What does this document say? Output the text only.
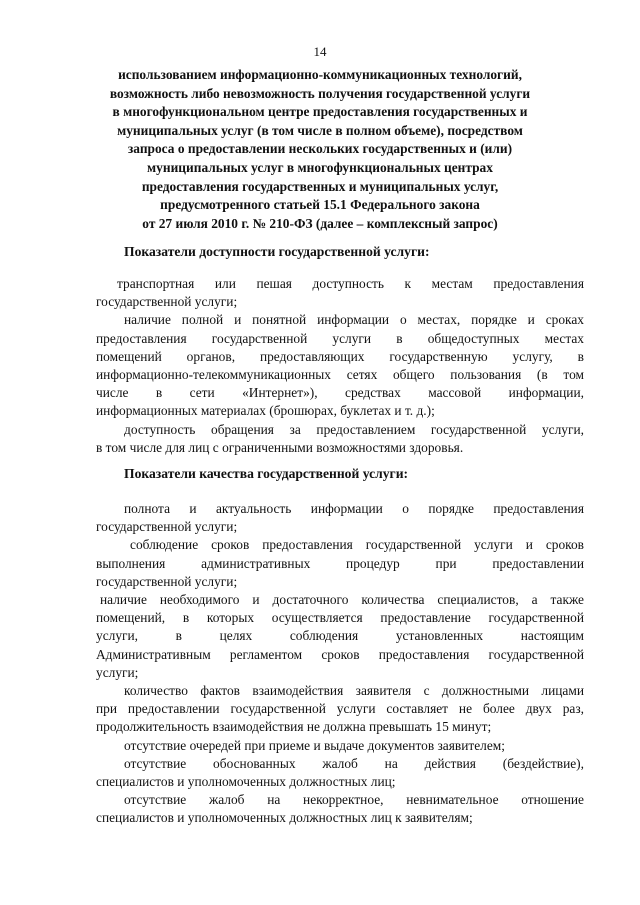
14
использованием информационно-коммуникационных технологий,
возможность либо невозможность получения государственной услуги
в многофункциональном центре предоставления государственных и
муниципальных услуг (в том числе в полном объеме), посредством
запроса о предоставлении нескольких государственных и (или)
муниципальных услуг в многофункциональных центрах
предоставления государственных и муниципальных услуг,
предусмотренного статьей 15.1 Федерального закона
от 27 июля 2010 г. № 210-ФЗ (далее – комплексный запрос)
Показатели доступности государственной услуги:
транспортная или пешая доступность к местам предоставления
государственной услуги;
наличие полной и понятной информации о местах, порядке и сроках
предоставления государственной услуги в общедоступных местах
помещений органов, предоставляющих государственную услугу, в
информационно-телекоммуникационных сетях общего пользования (в том
числе в сети «Интернет»), средствах массовой информации,
информационных материалах (брошюрах, буклетах и т. д.);
доступность обращения за предоставлением государственной услуги,
в том числе для лиц с ограниченными возможностями здоровья.
Показатели качества государственной услуги:
полнота и актуальность информации о порядке предоставления
государственной услуги;
соблюдение сроков предоставления государственной услуги и сроков
выполнения административных процедур при предоставлении
государственной услуги;
наличие необходимого и достаточного количества специалистов, а также
помещений, в которых осуществляется предоставление государственной
услуги, в целях соблюдения установленных настоящим
Административным регламентом сроков предоставления государственной
услуги;
количество фактов взаимодействия заявителя с должностными лицами
при предоставлении государственной услуги составляет не более двух раз,
продолжительность взаимодействия не должна превышать 15 минут;
отсутствие очередей при приеме и выдаче документов заявителем;
отсутствие обоснованных жалоб на действия (бездействие),
специалистов и уполномоченных должностных лиц;
отсутствие жалоб на некорректное, невнимательное отношение
специалистов и уполномоченных должностных лиц к заявителям;
